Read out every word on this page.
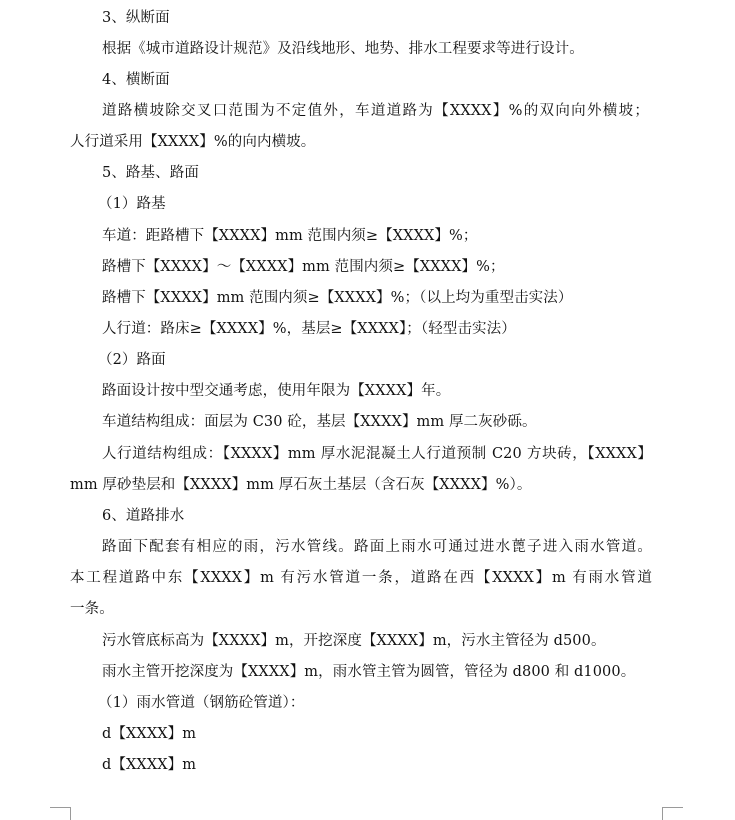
3、纵断面
根据《城市道路设计规范》及沿线地形、地势、排水工程要求等进行设计。
4、横断面
道路横坡除交叉口范围为不定值外，车道道路为【XXXX】%的双向向外横坡；
人行道采用【XXXX】%的向内横坡。
5、路基、路面
（1）路基
车道：距路槽下【XXXX】mm 范围内须≥【XXXX】%；
路槽下【XXXX】～【XXXX】mm 范围内须≥【XXXX】%；
路槽下【XXXX】mm 范围内须≥【XXXX】%；（以上均为重型击实法）
人行道：路床≥【XXXX】%，基层≥【XXXX】；（轻型击实法）
（2）路面
路面设计按中型交通考虑，使用年限为【XXXX】年。
车道结构组成：面层为 C30 砼，基层【XXXX】mm 厚二灰砂砾。
人行道结构组成：【XXXX】mm 厚水泥混凝土人行道预制 C20 方块砖，【XXXX】
mm 厚砂垫层和【XXXX】mm 厚石灰土基层（含石灰【XXXX】%）。
6、道路排水
路面下配套有相应的雨，污水管线。路面上雨水可通过进水蓖子进入雨水管道。
本工程道路中东【XXXX】m 有污水管道一条，道路在西【XXXX】m 有雨水管道
一条。
污水管底标高为【XXXX】m，开挖深度【XXXX】m，污水主管径为 d500。
雨水主管开挖深度为【XXXX】m，雨水管主管为圆管，管径为 d800 和 d1000。
（1）雨水管道（钢筋砼管道）：
d【XXXX】m
d【XXXX】m
